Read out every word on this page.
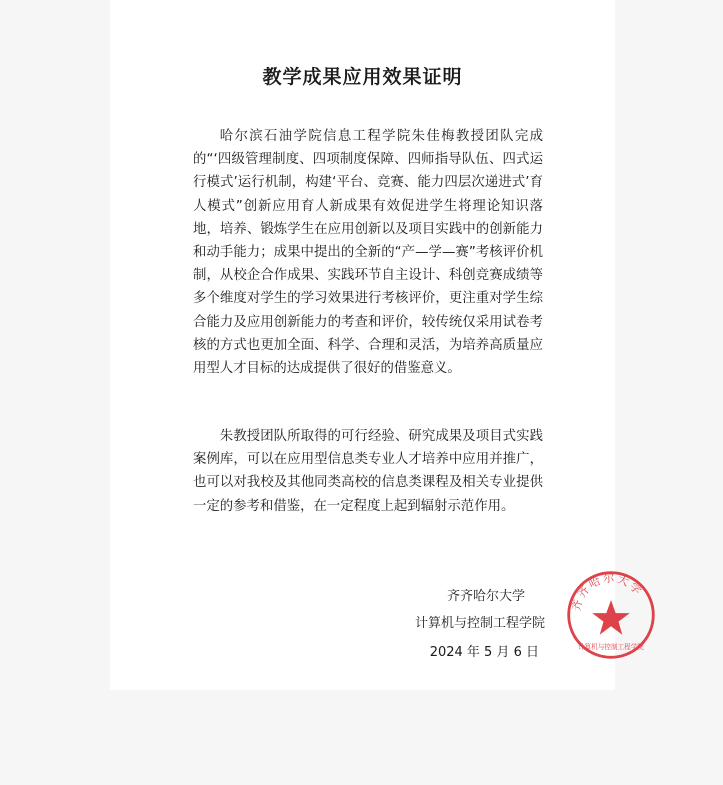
教学成果应用效果证明

哈尔滨石油学院信息工程学院朱佳梅教授团队完成的“‘四级管理制度、四项制度保障、四师指导队伍、四式运行模式’运行机制，构建‘平台、竞赛、能力四层次递进式’育人模式”创新应用育人新成果有效促进学生将理论知识落地，培养、锻炼学生在应用创新以及项目实践中的创新能力和动手能力；成果中提出的全新的“产—学—赛”考核评价机制，从校企合作成果、实践环节自主设计、科创竞赛成绩等多个维度对学生的学习效果进行考核评价，更注重对学生综合能力及应用创新能力的考查和评价，较传统仅采用试卷考核的方式也更加全面、科学、合理和灵活，为培养高质量应用型人才目标的达成提供了很好的借鉴意义。

朱教授团队所取得的可行经验、研究成果及项目式实践案例库，可以在应用型信息类专业人才培养中应用并推广，也可以对我校及其他同类高校的信息类课程及相关专业提供一定的参考和借鉴，在一定程度上起到辐射示范作用。

齐齐哈尔大学
计算机与控制工程学院
齐齐哈尔大学
计算机与控制工程学院
2024 年 5 月 6 日
